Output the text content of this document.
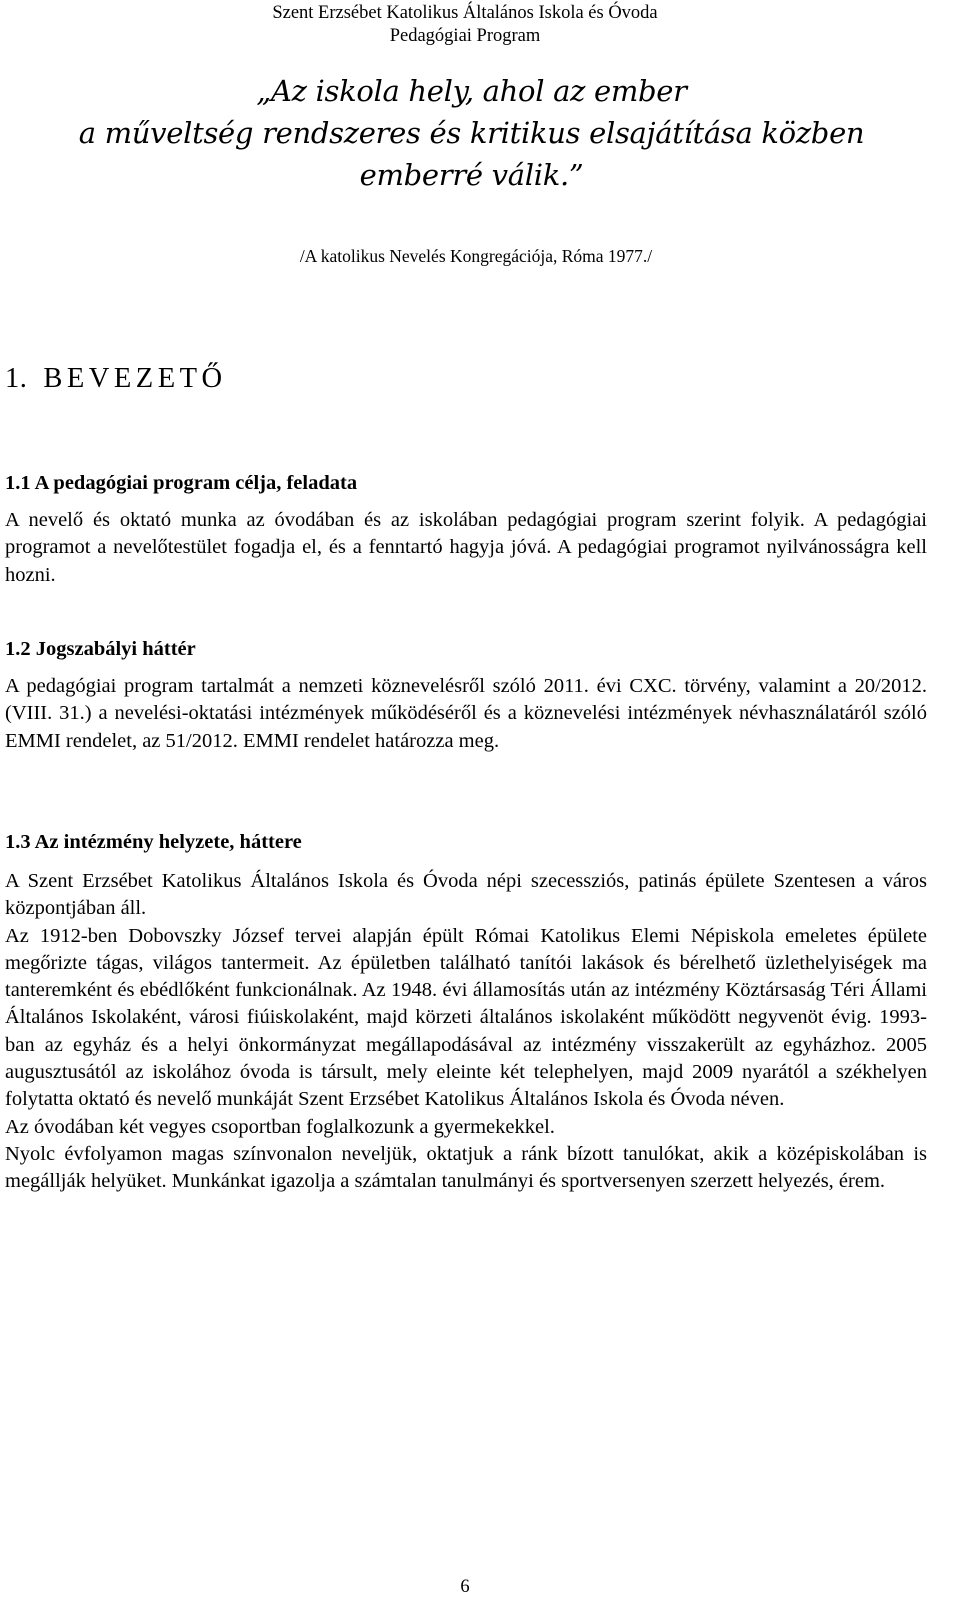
Szent Erzsébet Katolikus Általános Iskola és Óvoda
Pedagógiai Program
„Az iskola hely, ahol az ember
a műveltség rendszeres és kritikus elsajátítása közben
emberré válik.”
/A katolikus Nevelés Kongregációja, Róma 1977./
1. BEVEZETŐ
1.1 A pedagógiai program célja, feladata

A nevelő és oktató munka az óvodában és az iskolában pedagógiai program szerint folyik. A pedagógiai programot a nevelőtestület fogadja el, és a fenntartó hagyja jóvá. A pedagógiai programot nyilvánosságra kell hozni.

1.2 Jogszabályi háttér

A pedagógiai program tartalmát a nemzeti köznevelésről szóló 2011. évi CXC. törvény, valamint a 20/2012. (VIII. 31.) a nevelési-oktatási intézmények működéséről és a köznevelési intézmények névhasználatáról szóló EMMI rendelet, az 51/2012. EMMI rendelet határozza meg.

1.3 Az intézmény helyzete, háttere

A Szent Erzsébet Katolikus Általános Iskola és Óvoda népi szecessziós, patinás épülete Szentesen a város központjában áll.

Az 1912-ben Dobovszky József tervei alapján épült Római Katolikus Elemi Népiskola emeletes épülete megőrizte tágas, világos tantermeit. Az épületben található tanítói lakások és bérelhető üzlethelyiségek ma tanteremként és ebédlőként funkcionálnak. Az 1948. évi államosítás után az intézmény Köztársaság Téri Állami Általános Iskolaként, városi fiúiskolaként, majd körzeti általános iskolaként működött negyvenöt évig. 1993-ban az egyház és a helyi önkormányzat megállapodásával az intézmény visszakerült az egyházhoz. 2005 augusztusától az iskolához óvoda is társult, mely eleinte két telephelyen, majd 2009 nyarától a székhelyen folytatta oktató és nevelő munkáját Szent Erzsébet Katolikus Általános Iskola és Óvoda néven.

Az óvodában két vegyes csoportban foglalkozunk a gyermekekkel.

Nyolc évfolyamon magas színvonalon neveljük, oktatjuk a ránk bízott tanulókat, akik a középiskolában is megállják helyüket. Munkánkat igazolja a számtalan tanulmányi és sportversenyen szerzett helyezés, érem.

6
